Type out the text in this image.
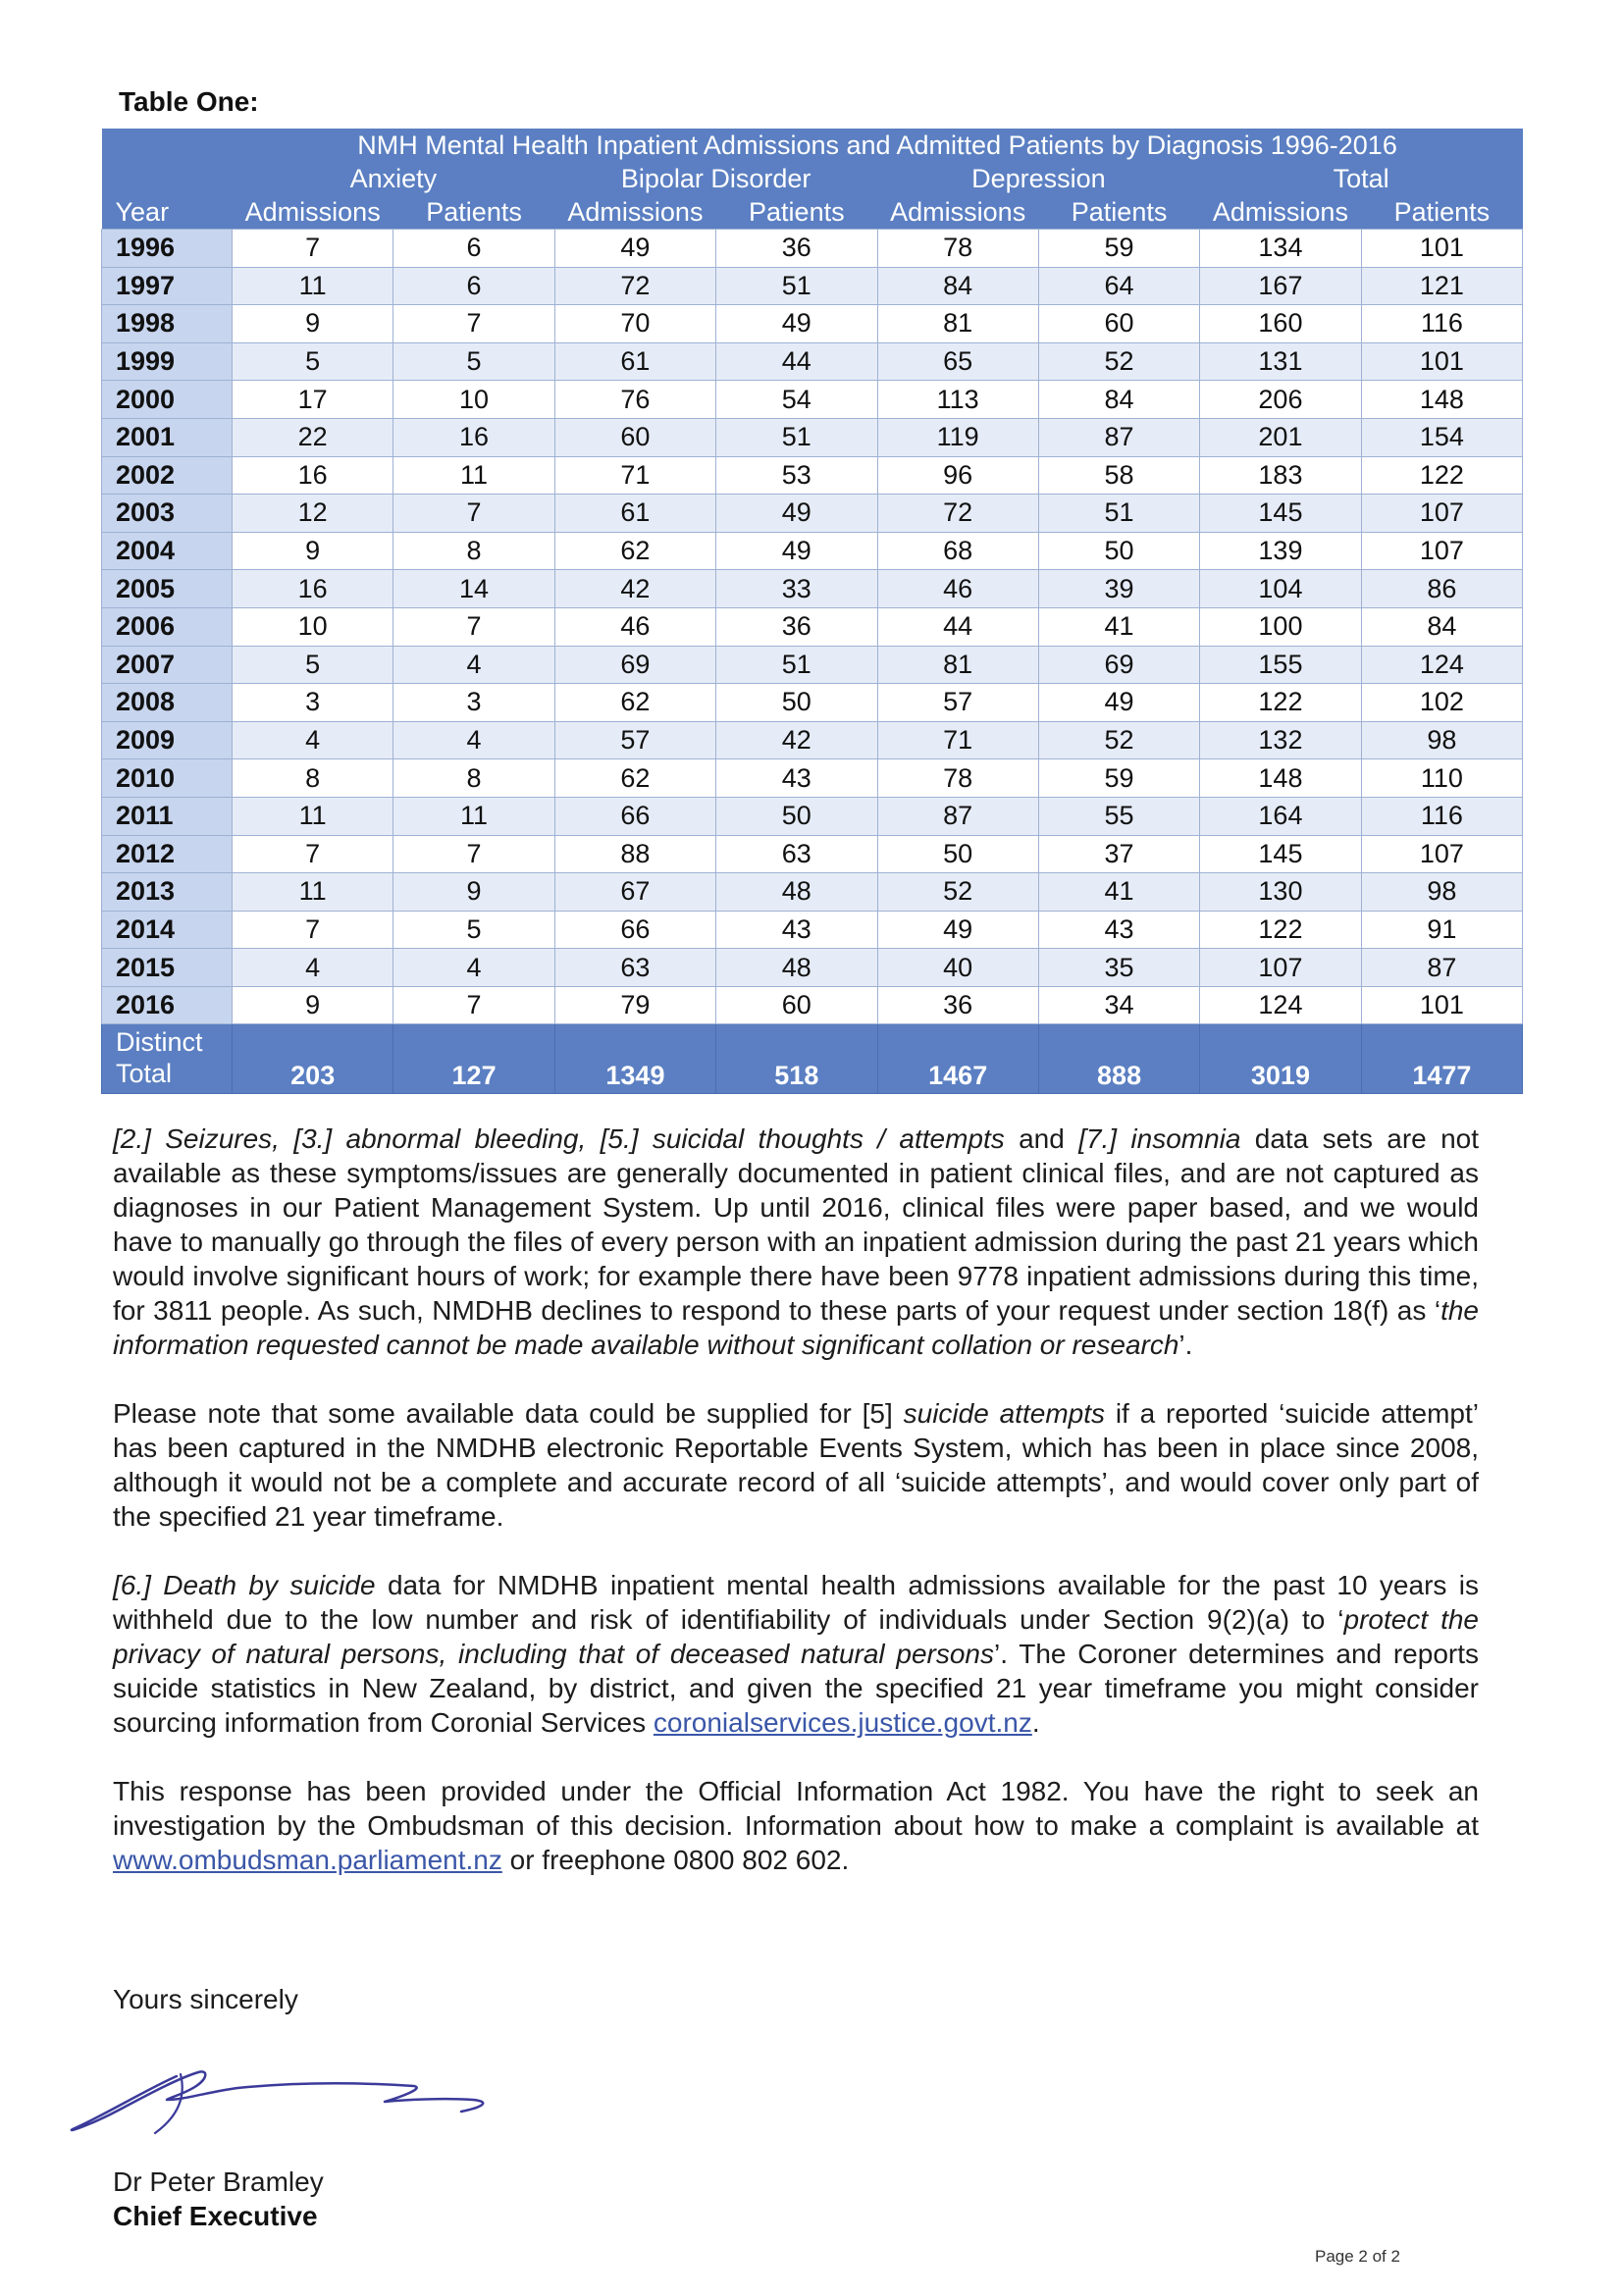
Table One:
	NMH Mental Health Inpatient Admissions and Admitted Patients by Diagnosis 1996-2016							
	Anxiety		Bipolar Disorder		Depression		Total	
Year	Admissions	Patients	Admissions	Patients	Admissions	Patients	Admissions	Patients
1996	7	6	49	36	78	59	134	101
1997	11	6	72	51	84	64	167	121
1998	9	7	70	49	81	60	160	116
1999	5	5	61	44	65	52	131	101
2000	17	10	76	54	113	84	206	148
2001	22	16	60	51	119	87	201	154
2002	16	11	71	53	96	58	183	122
2003	12	7	61	49	72	51	145	107
2004	9	8	62	49	68	50	139	107
2005	16	14	42	33	46	39	104	86
2006	10	7	46	36	44	41	100	84
2007	5	4	69	51	81	69	155	124
2008	3	3	62	50	57	49	122	102
2009	4	4	57	42	71	52	132	98
2010	8	8	62	43	78	59	148	110
2011	11	11	66	50	87	55	164	116
2012	7	7	88	63	50	37	145	107
2013	11	9	67	48	52	41	130	98
2014	7	5	66	43	49	43	122	91
2015	4	4	63	48	40	35	107	87
2016	9	7	79	60	36	34	124	101
Distinct
Total	203	127	1349	518	1467	888	3019	1477

[2.] Seizures, [3.] abnormal bleeding, [5.] suicidal thoughts / attempts and [7.] insomnia data sets are not available as these symptoms/issues are generally documented in patient clinical files, and are not captured as diagnoses in our Patient Management System. Up until 2016, clinical files were paper based, and we would have to manually go through the files of every person with an inpatient admission during the past 21 years which would involve significant hours of work; for example there have been 9778 inpatient admissions during this time, for 3811 people. As such, NMDHB declines to respond to these parts of your request under section 18(f) as ‘the information requested cannot be made available without significant collation or research’.

Please note that some available data could be supplied for [5] suicide attempts if a reported ‘suicide attempt’ has been captured in the NMDHB electronic Reportable Events System, which has been in place since 2008, although it would not be a complete and accurate record of all ‘suicide attempts’, and would cover only part of the specified 21 year timeframe.

[6.] Death by suicide data for NMDHB inpatient mental health admissions available for the past 10 years is withheld due to the low number and risk of identifiability of individuals under Section 9(2)(a) to ‘protect the privacy of natural persons, including that of deceased natural persons’. The Coroner determines and reports suicide statistics in New Zealand, by district, and given the specified 21 year timeframe you might consider sourcing information from Coronial Services coronialservices.justice.govt.nz.

This response has been provided under the Official Information Act 1982. You have the right to seek an investigation by the Ombudsman of this decision. Information about how to make a complaint is available at www.ombudsman.parliament.nz or freephone 0800 802 602.

Yours sincerely
Dr Peter Bramley
Chief Executive
Page 2 of 2
